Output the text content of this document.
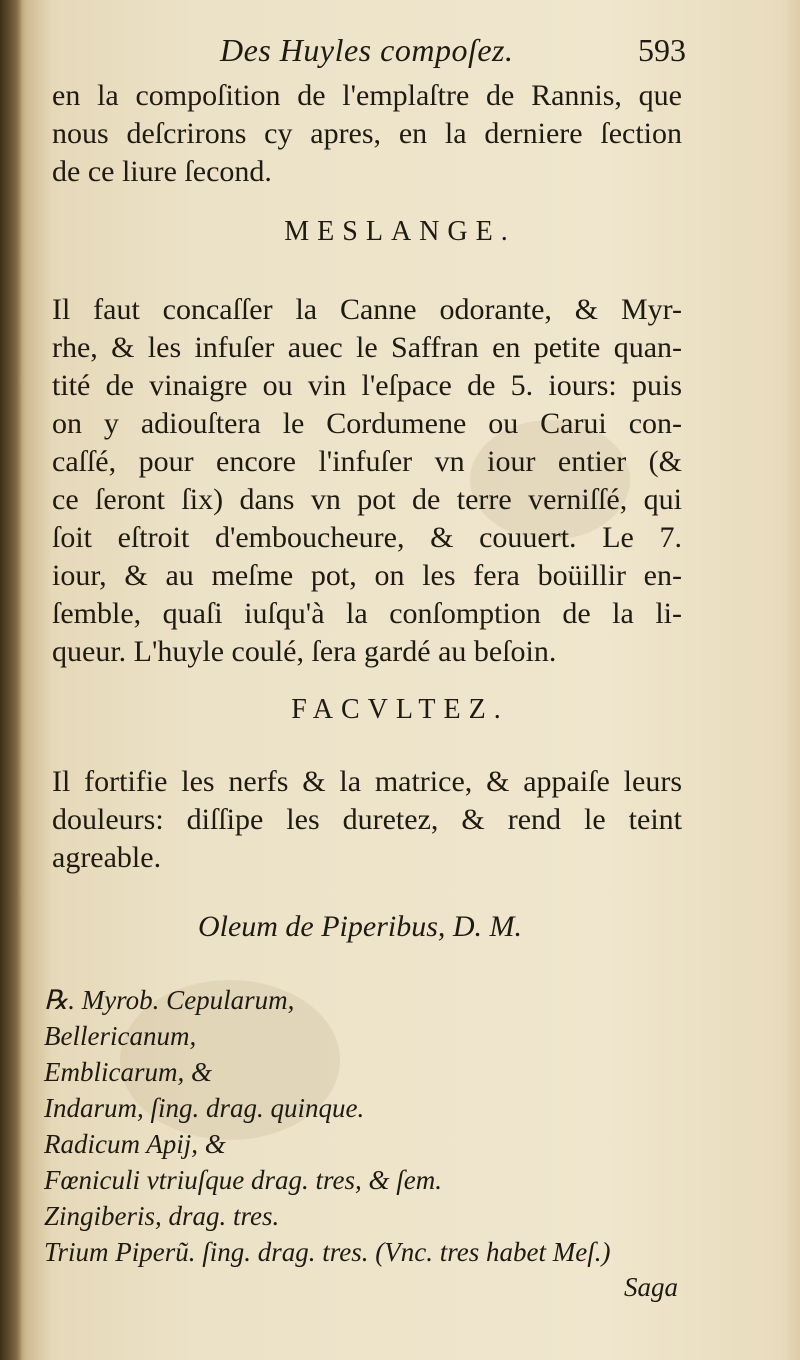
Des Huyles compoſez.	593
en la compoſition de l'emplaſtre de Rannis, que
nous deſcrirons cy apres, en la derniere ſection
de ce liure ſecond.
MESLANGE.
Il faut concaſſer la Canne odorante, & Myr-
rhe, & les infuſer auec le Saffran en petite quan-
tité de vinaigre ou vin l'eſpace de 5. iours: puis
on y adiouſtera le Cordumene ou Carui con-
caſſé, pour encore l'infuſer vn iour entier (&
ce ſeront ſix) dans vn pot de terre verniſſé, qui
ſoit eſtroit d'emboucheure, & couuert. Le 7.
iour, & au meſme pot, on les fera boüillir en-
ſemble, quaſi iuſqu'à la conſomption de la li-
queur. L'huyle coulé, ſera gardé au beſoin.
FACVLTEZ.
Il fortifie les nerfs & la matrice, & appaiſe leurs
douleurs: diſſipe les duretez, & rend le teint
agreable.
Oleum de Piperibus, D. M.
℞. Myrob. Cepularum,
Bellericanum,
Emblicarum, &
Indarum, ſing. drag. quinque.
Radicum Apij, &
Fœniculi vtriuſque drag. tres, & ſem.
Zingiberis, drag. tres.
Trium Piperũ. ſing. drag. tres. (Vnc. tres habet Meſ.)
Saga
